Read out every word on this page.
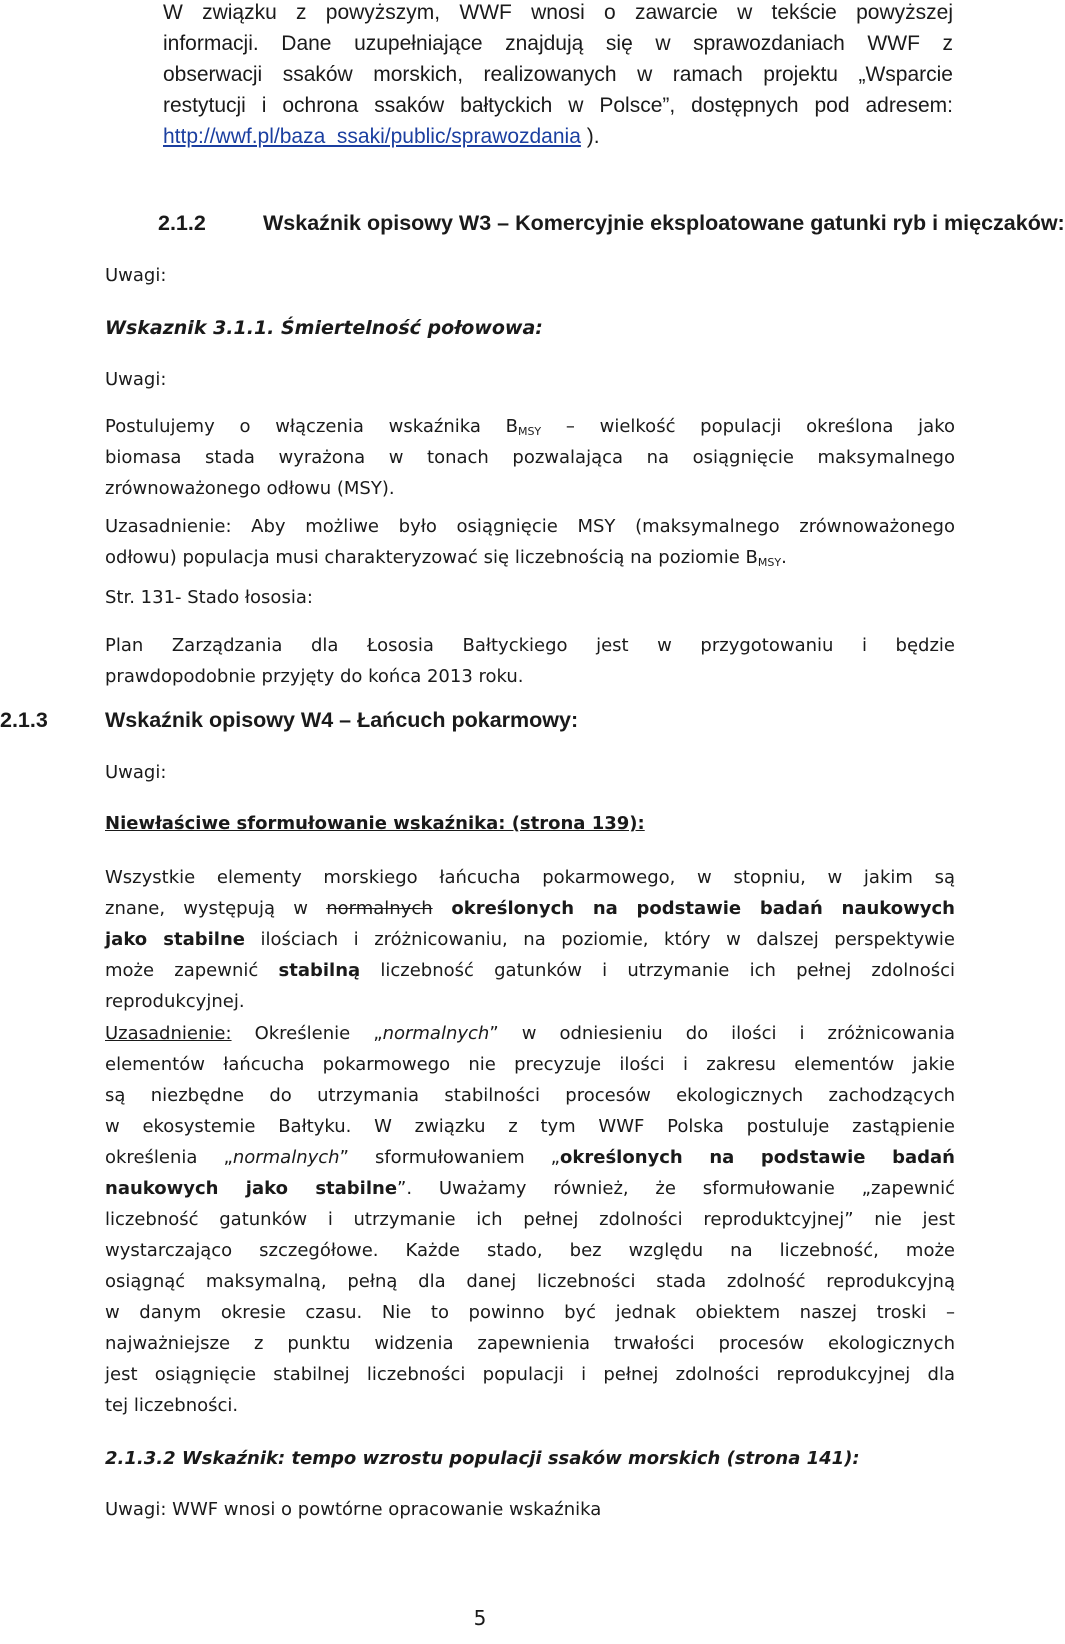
W związku z powyższym, WWF wnosi o zawarcie w tekście powyższej
informacji. Dane uzupełniające znajdują się w sprawozdaniach WWF z
obserwacji ssaków morskich, realizowanych w ramach projektu „Wsparcie
restytucji i ochrona ssaków bałtyckich w Polsce”, dostępnych pod adresem:
http://wwf.pl/baza_ssaki/public/sprawozdania ).
2.1.2	Wskaźnik opisowy W3 – Komercyjnie eksploatowane gatunki ryb i mięczaków:
Uwagi:
Wskaznik 3.1.1. Śmiertelność połowowa:
Uwagi:
Postulujemy o włączenia wskaźnika $B_{MSY}$ – wielkość populacji określona jako
biomasa stada wyrażona w tonach pozwalająca na osiągnięcie maksymalnego
zrównoważonego odłowu (MSY).
Uzasadnienie: Aby możliwe było osiągnięcie MSY (maksymalnego zrównoważonego
odłowu) populacja musi charakteryzować się liczebnością na poziomie $B_{MSY}$.
Str. 131- Stado łososia:
Plan Zarządzania dla Łososia Bałtyckiego jest w przygotowaniu i będzie
prawdopodobnie przyjęty do końca 2013 roku.
2.1.3	Wskaźnik opisowy W4 – Łańcuch pokarmowy:
Uwagi:
Niewłaściwe sformułowanie wskaźnika: (strona 139):
Wszystkie elementy morskiego łańcucha pokarmowego, w stopniu, w jakim są
znane, występują w normalnych określonych na podstawie badań naukowych
jako stabilne ilościach i zróżnicowaniu, na poziomie, który w dalszej perspektywie
może zapewnić stabilną liczebność gatunków i utrzymanie ich pełnej zdolności
reprodukcyjnej.
Uzasadnienie: Określenie „normalnych” w odniesieniu do ilości i zróżnicowania
elementów łańcucha pokarmowego nie precyzuje ilości i zakresu elementów jakie
są niezbędne do utrzymania stabilności procesów ekologicznych zachodzących
w ekosystemie Bałtyku. W związku z tym WWF Polska postuluje zastąpienie
określenia „normalnych” sformułowaniem „określonych na podstawie badań
naukowych jako stabilne”. Uważamy również, że sformułowanie „zapewnić
liczebność gatunków i utrzymanie ich pełnej zdolności reproduktcyjnej” nie jest
wystarczająco szczegółowe. Każde stado, bez względu na liczebność, może
osiągnąć maksymalną, pełną dla danej liczebności stada zdolność reprodukcyjną
w danym okresie czasu. Nie to powinno być jednak obiektem naszej troski –
najważniejsze z punktu widzenia zapewnienia trwałości procesów ekologicznych
jest osiągnięcie stabilnej liczebności populacji i pełnej zdolności reprodukcyjnej dla
tej liczebności.
2.1.3.2 Wskaźnik: tempo wzrostu populacji ssaków morskich (strona 141):
Uwagi: WWF wnosi o powtórne opracowanie wskaźnika
5
